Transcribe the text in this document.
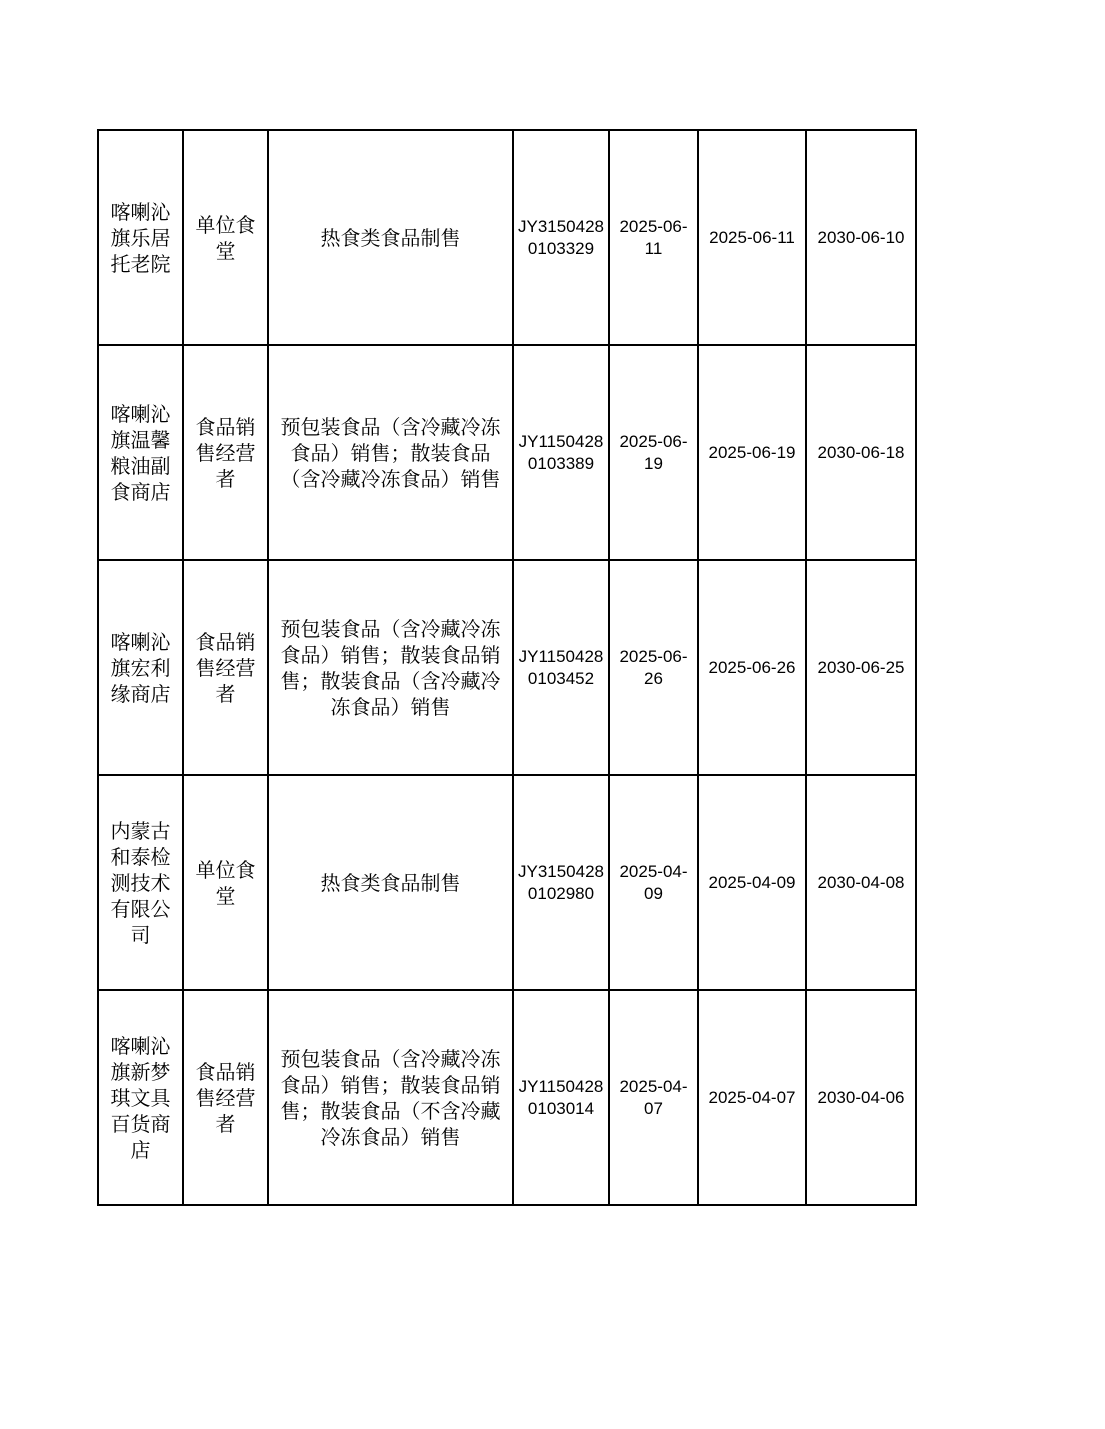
喀喇沁旗乐居托老院	单位食堂	热食类食品制售	JY31504280103329	2025-06-11	2025-06-11	2030-06-10
喀喇沁旗温馨粮油副食商店	食品销售经营者	预包装食品（含冷藏冷冻食品）销售；散装食品（含冷藏冷冻食品）销售	JY11504280103389	2025-06-19	2025-06-19	2030-06-18
喀喇沁旗宏利缘商店	食品销售经营者	预包装食品（含冷藏冷冻食品）销售；散装食品销售；散装食品（含冷藏冷冻食品）销售	JY11504280103452	2025-06-26	2025-06-26	2030-06-25
内蒙古和泰检测技术有限公司	单位食堂	热食类食品制售	JY31504280102980	2025-04-09	2025-04-09	2030-04-08
喀喇沁旗新梦琪文具百货商店	食品销售经营者	预包装食品（含冷藏冷冻食品）销售；散装食品销售；散装食品（不含冷藏冷冻食品）销售	JY11504280103014	2025-04-07	2025-04-07	2030-04-06
